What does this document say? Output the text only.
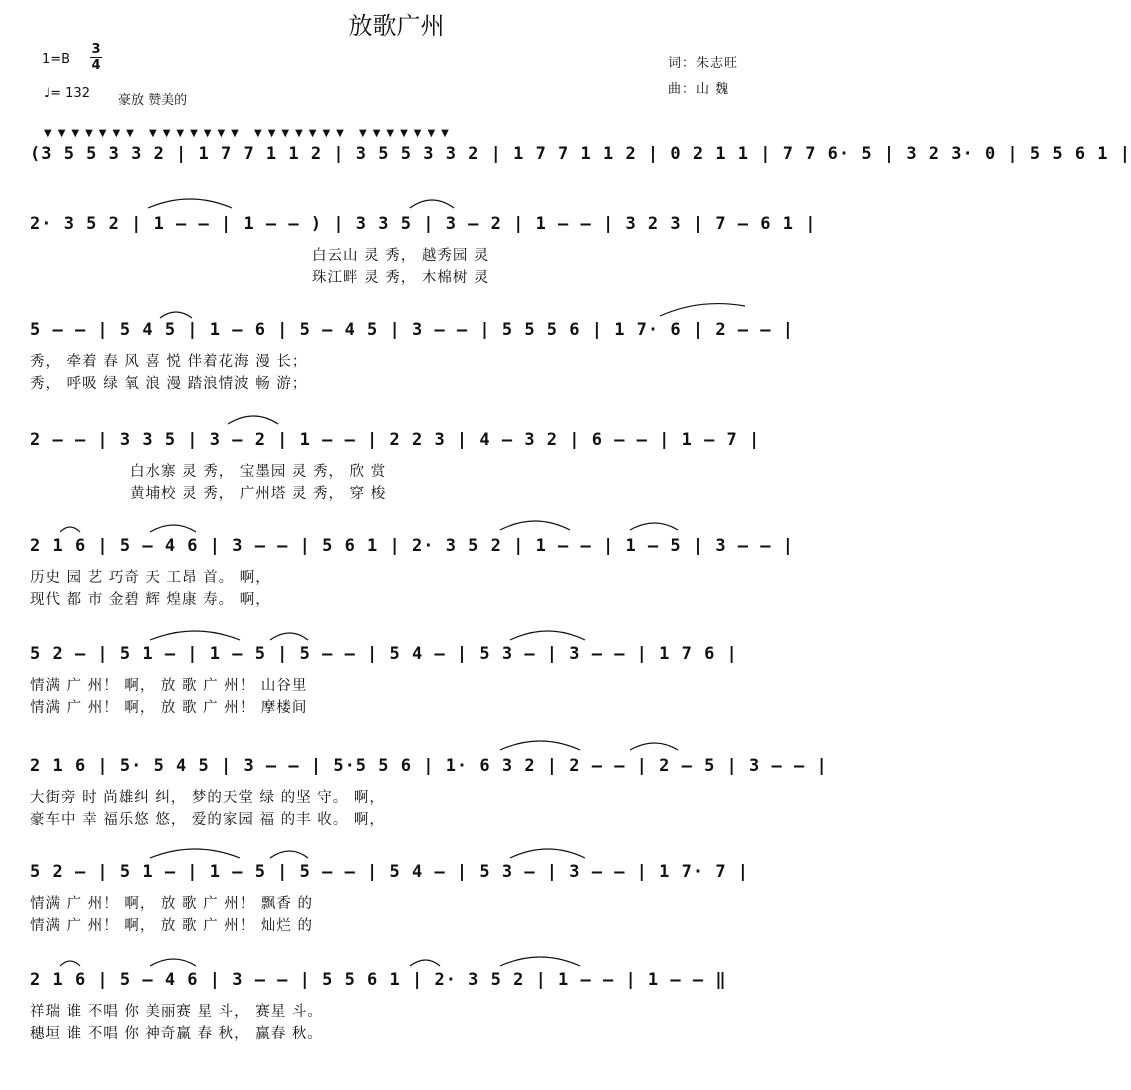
放歌广州
1=B
3
4	词：朱志旺
曲：山 魏
♩= 132 豪放 赞美的
▼▼▼▼▼▼▼ ▼▼▼▼▼▼▼ ▼▼▼▼▼▼▼ ▼▼▼▼▼▼▼
(3 5 5 3 3 2 | 1 7 7 1 1 2 | 3 5 5 3 3 2 | 1 7 7 1 1 2 | 0 2 1 1 | 7 7 6· 5 | 3 2 3· 0 | 5 5 6 1 |
2· 3 5 2 | 1 – – | 1 – – ) | 3 3 5 | 3 – 2 | 1 – – | 3 2 3 | 7 – 6 1 |
白云山 灵 秀， 越秀园 灵
珠江畔 灵 秀， 木棉树 灵
5 – – | 5 4 5 | 1 – 6 | 5 – 4 5 | 3 – – | 5 5 5 6 | 1 7· 6 | 2 – – |
秀， 牵着 春 风 喜 悦 伴着花海 漫 长；
秀， 呼吸 绿 氧 浪 漫 踏浪情波 畅 游；
2 – – | 3 3 5 | 3 – 2 | 1 – – | 2 2 3 | 4 – 3 2 | 6 – – | 1 – 7 |
白水寨 灵 秀， 宝墨园 灵 秀， 欣 赏
黄埔校 灵 秀， 广州塔 灵 秀， 穿 梭
2 1 6 | 5 – 4 6 | 3 – – | 5 6 1 | 2· 3 5 2 | 1 – – | 1 – 5 | 3 – – |
历史 园 艺 巧奇 天 工昂 首。 啊，
现代 都 市 金碧 辉 煌康 寿。 啊，
5 2 – | 5 1 – | 1 – 5 | 5 – – | 5 4 – | 5 3 – | 3 – – | 1 7 6 |
情满 广 州！ 啊， 放 歌 广 州！ 山谷里
情满 广 州！ 啊， 放 歌 广 州！ 摩楼间
2 1 6 | 5· 5 4 5 | 3 – – | 5·5 5 6 | 1· 6 3 2 | 2 – – | 2 – 5 | 3 – – |
大街旁 时 尚雄纠 纠， 梦的天堂 绿 的坚 守。 啊，
豪车中 幸 福乐悠 悠， 爱的家园 福 的丰 收。 啊，
5 2 – | 5 1 – | 1 – 5 | 5 – – | 5 4 – | 5 3 – | 3 – – | 1 7· 7 |
情满 广 州！ 啊， 放 歌 广 州！ 飘香 的
情满 广 州！ 啊， 放 歌 广 州！ 灿烂 的
2 1 6 | 5 – 4 6 | 3 – – | 5 5 6 1 | 2· 3 5 2 | 1 – – | 1 – – ‖
祥瑞 谁 不唱 你 美丽赛 星 斗， 赛星 斗。
穗垣 谁 不唱 你 神奇赢 春 秋， 赢春 秋。
